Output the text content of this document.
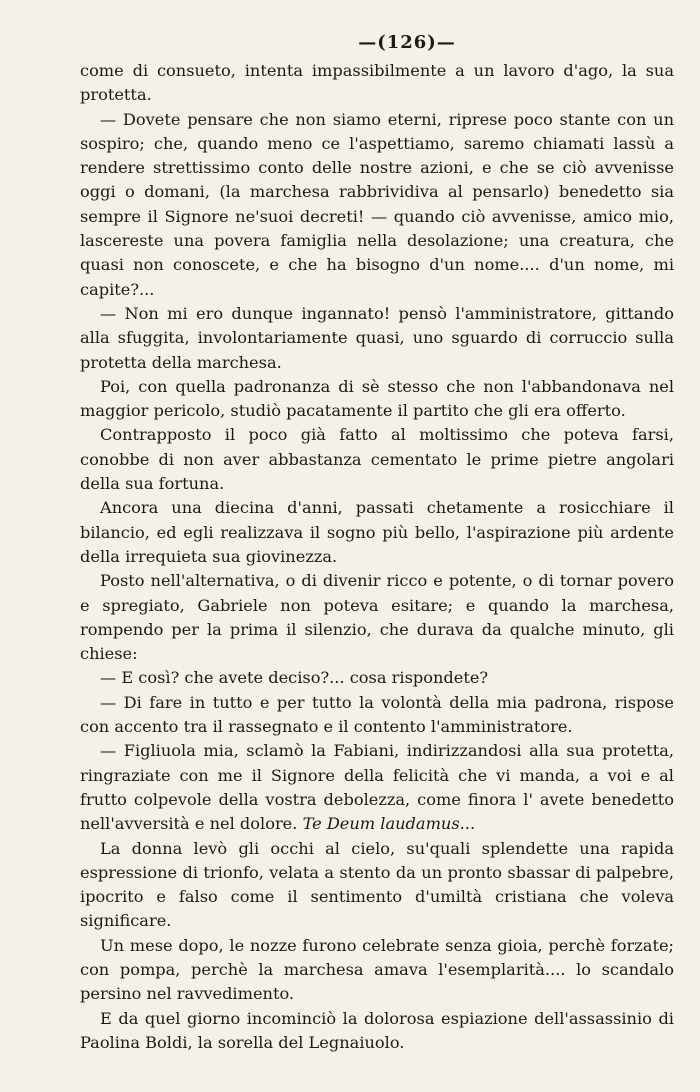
—(126)—

come di consueto, intenta impassibilmente a un lavoro d'ago, la sua protetta.

— Dovete pensare che non siamo eterni, riprese poco stante con un sospiro; che, quando meno ce l'aspettiamo, saremo chiamati lassù a rendere strettissimo conto delle nostre azioni, e che se ciò avvenisse oggi o domani, (la marchesa rabbrividiva al pensarlo) benedetto sia sempre il Signore ne'suoi decreti! — quando ciò avvenisse, amico mio, lascereste una povera famiglia nella desolazione; una creatura, che quasi non conoscete, e che ha bisogno d'un nome.... d'un nome, mi capite?...

— Non mi ero dunque ingannato! pensò l'amministratore, gittando alla sfuggita, involontariamente quasi, uno sguardo di corruccio sulla protetta della marchesa.

Poi, con quella padronanza di sè stesso che non l'abbandonava nel maggior pericolo, studiò pacatamente il partito che gli era offerto.

Contrapposto il poco già fatto al moltissimo che poteva farsi, conobbe di non aver abbastanza cementato le prime pietre angolari della sua fortuna.

Ancora una diecina d'anni, passati chetamente a rosicchiare il bilancio, ed egli realizzava il sogno più bello, l'aspirazione più ardente della irrequieta sua giovinezza.

Posto nell'alternativa, o di divenir ricco e potente, o di tornar povero e spregiato, Gabriele non poteva esitare; e quando la marchesa, rompendo per la prima il silenzio, che durava da qualche minuto, gli chiese:

— E così? che avete deciso?... cosa rispondete?

— Di fare in tutto e per tutto la volontà della mia padrona, rispose con accento tra il rassegnato e il contento l'amministratore.

— Figliuola mia, sclamò la Fabiani, indirizzandosi alla sua protetta, ringraziate con me il Signore della felicità che vi manda, a voi e al frutto colpevole della vostra debolezza, come finora l' avete benedetto nell'avversità e nel dolore. Te Deum laudamus...

La donna levò gli occhi al cielo, su'quali splendette una rapida espressione di trionfo, velata a stento da un pronto sbassar di palpebre, ipocrito e falso come il sentimento d'umiltà cristiana che voleva significare.

Un mese dopo, le nozze furono celebrate senza gioia, perchè forzate; con pompa, perchè la marchesa amava l'esemplarità.... lo scandalo persino nel ravvedimento.

E da quel giorno incominciò la dolorosa espiazione dell'assassinio di Paolina Boldi, la sorella del Legnaiuolo.
